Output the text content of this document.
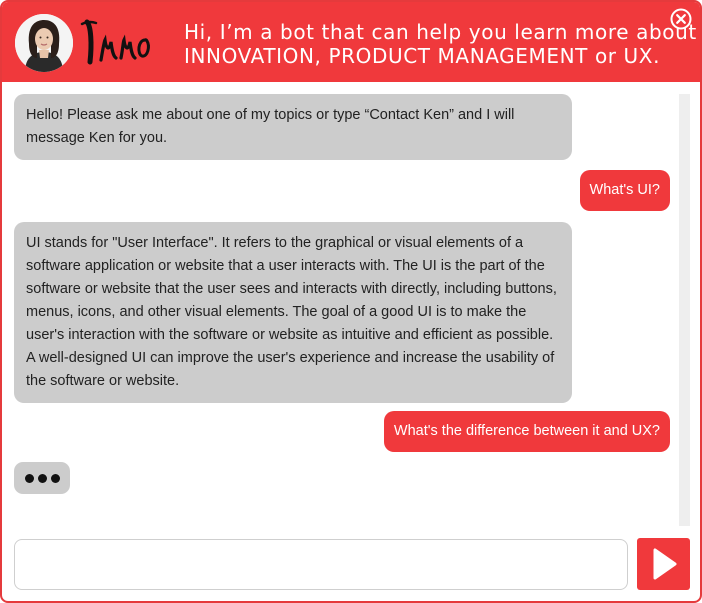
Hi, I’m a bot that can help you learn more about
INNOVATION, PRODUCT MANAGEMENT or UX.
Hello! Please ask me about one of my topics or type “Contact Ken” and I will message Ken for you.
What's UI?
UI stands for "User Interface". It refers to the graphical or visual elements of a software application or website that a user interacts with. The UI is the part of the software or website that the user sees and interacts with directly, including buttons, menus, icons, and other visual elements. The goal of a good UI is to make the user's interaction with the software or website as intuitive and efficient as possible. A well-designed UI can improve the user's experience and increase the usability of the software or website.
What's the difference between it and UX?
